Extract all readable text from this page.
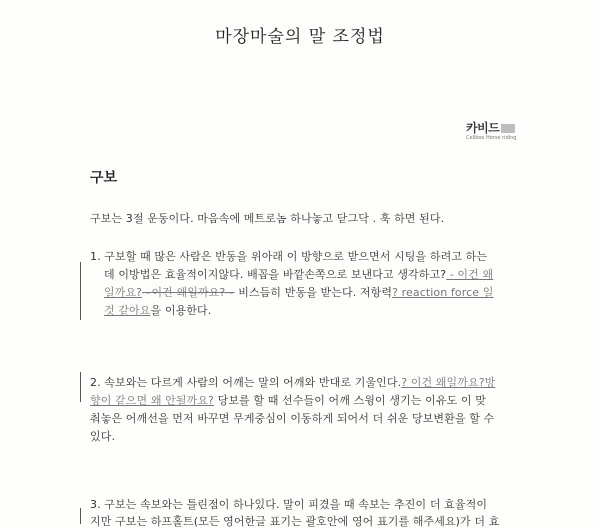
마장마술의 말 조정법
카비드
Cellbox Horse riding
구보
구보는 3절 운동이다. 마음속에 메트로놈 하나놓고 닫그닥 . 훅 하면 된다.
1. 구보할 때 많은 사람은 반동을 위아래 이 방향으로 받으면서 시팅을 하려고 하는
데 이방법은 효율적이지않다. 배꼽을 바깥손쪽으로 보낸다고 생각하고? - 이건 왜
일까요?~이건 왜일까요?~ 비스듬히 반동을 받는다. 저항력? reaction force 일
것 같아요을 이용한다.
2. 속보와는 다르게 사람의 어깨는 말의 어깨와 반대로 기울인다.? 이건 왜일까요?방
향이 같으면 왜 안될까요? 당보를 할 때 선수들이 어깨 스윙이 생기는 이유도 이 맞
춰놓은 어깨선을 먼저 바꾸면 무게중심이 이동하게 되어서 더 쉬운 당보변환을 할 수
있다.
3. 구보는 속보와는 틀린점이 하나있다. 말이 피겼을 때 속보는 추진이 더 효율적이
지만 구보는 하프홀트(모든 영어한글 표기는 괄호안에 영어 표기를 해주세요)가 더 효
